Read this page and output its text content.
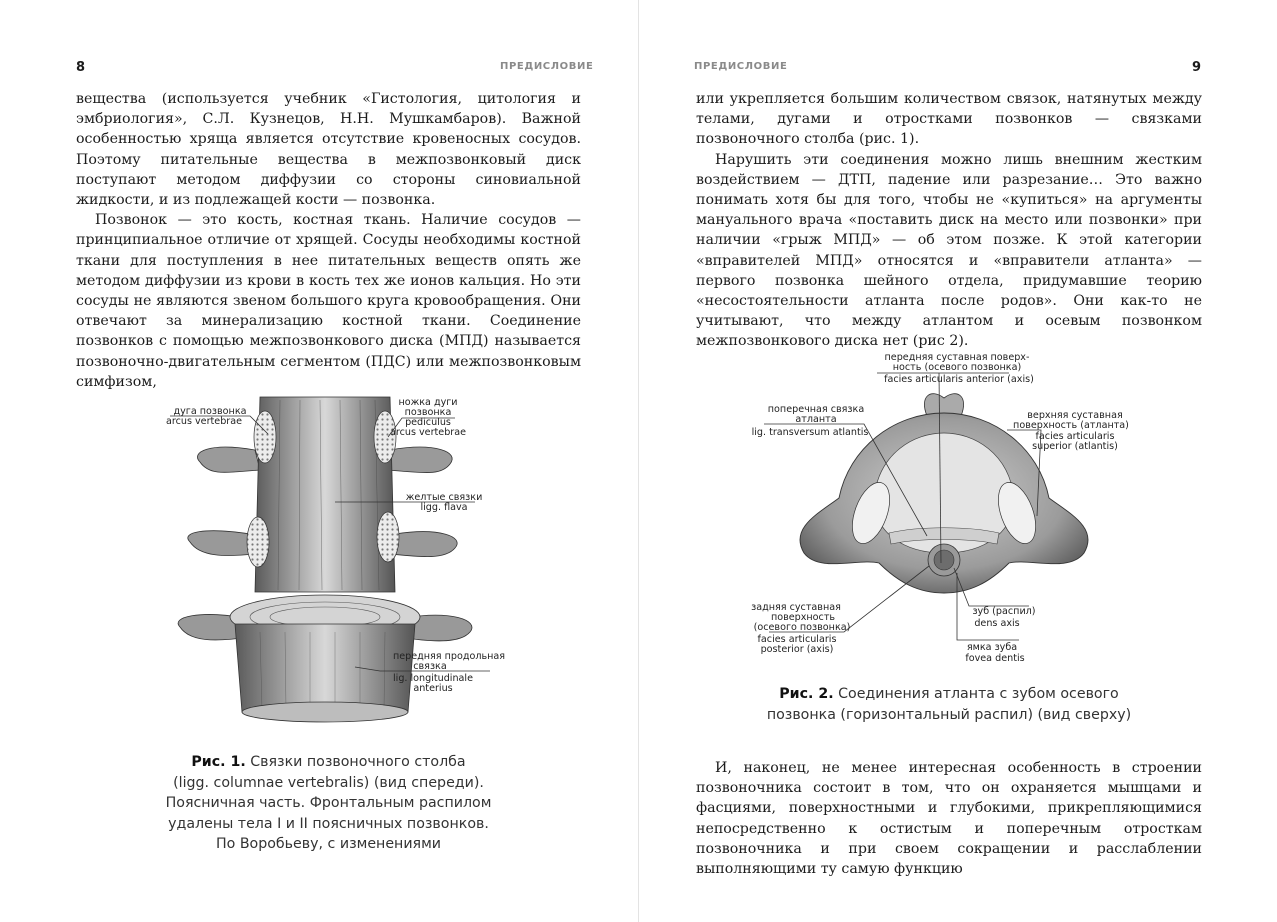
8	ПРЕДИСЛОВИЕ

вещества (используется учебник «Гистология, цитология и эмбриология», С.Л. Кузнецов, Н.Н. Мушкамбаров). Важной особенностью хряща является отсутствие кровеносных сосудов. Поэтому питательные вещества в межпозвонковый диск поступают методом диффузии со стороны синовиальной жидкости, и из подлежащей кости — позвонка.

Позвонок — это кость, костная ткань. Наличие сосудов — принципиальное отличие от хрящей. Сосуды необходимы костной ткани для поступления в нее питательных веществ опять же методом диффузии из крови в кость тех же ионов кальция. Но эти сосуды не являются звеном большого круга кровообращения. Они отвечают за минерализацию костной ткани. Соединение позвонков с помощью межпозвонкового диска (МПД) называется позвоночно-двигательным сегментом (ПДС) или межпозвонковым симфизом,

дуга позвонка
arcus vertebrae
ножка дуги
позвонка
pediculus
arcus vertebrae
желтые связки
ligg. flava
передняя продольная
связка
lig. longitudinale
anterius
Рис. 1. Связки позвоночного столба
(ligg. columnae vertebralis) (вид спереди).
Поясничная часть. Фронтальным распилом
удалены тела I и II поясничных позвонков.
По Воробьеву, с изменениями
ПРЕДИСЛОВИЕ	9

или укрепляется большим количеством связок, натянутых между телами, дугами и отростками позвонков — связками позвоночного столба (рис. 1).

Нарушить эти соединения можно лишь внешним жестким воздействием — ДТП, падение или разрезание… Это важно понимать хотя бы для того, чтобы не «купиться» на аргументы мануального врача «поставить диск на место или позвонки» при наличии «грыж МПД» — об этом позже. К этой категории «вправителей МПД» относятся и «вправители атланта» — первого позвонка шейного отдела, придумавшие теорию «несостоятельности атланта после родов». Они как-то не учитывают, что между атлантом и осевым позвонком межпозвонкового диска нет (рис 2).

передняя суставная поверх-
ность (осевого позвонка)
facies articularis anterior (axis)
поперечная связка
атланта
lig. transversum atlantis
верхняя суставная
поверхность (атланта)
facies articularis
superior (atlantis)
задняя суставная
поверхность
(осевого позвонка)
facies articularis
posterior (axis)
зуб (распил)
dens axis
ямка зуба
fovea dentis
Рис. 2. Соединения атланта с зубом осевого
позвонка (горизонтальный распил) (вид сверху)

И, наконец, не менее интересная особенность в строении позвоночника состоит в том, что он охраняется мышцами и фасциями, поверхностными и глубокими, прикрепляющимися непосредственно к остистым и поперечным отросткам позвоночника и при своем сокращении и расслаблении выполняющими ту самую функцию
